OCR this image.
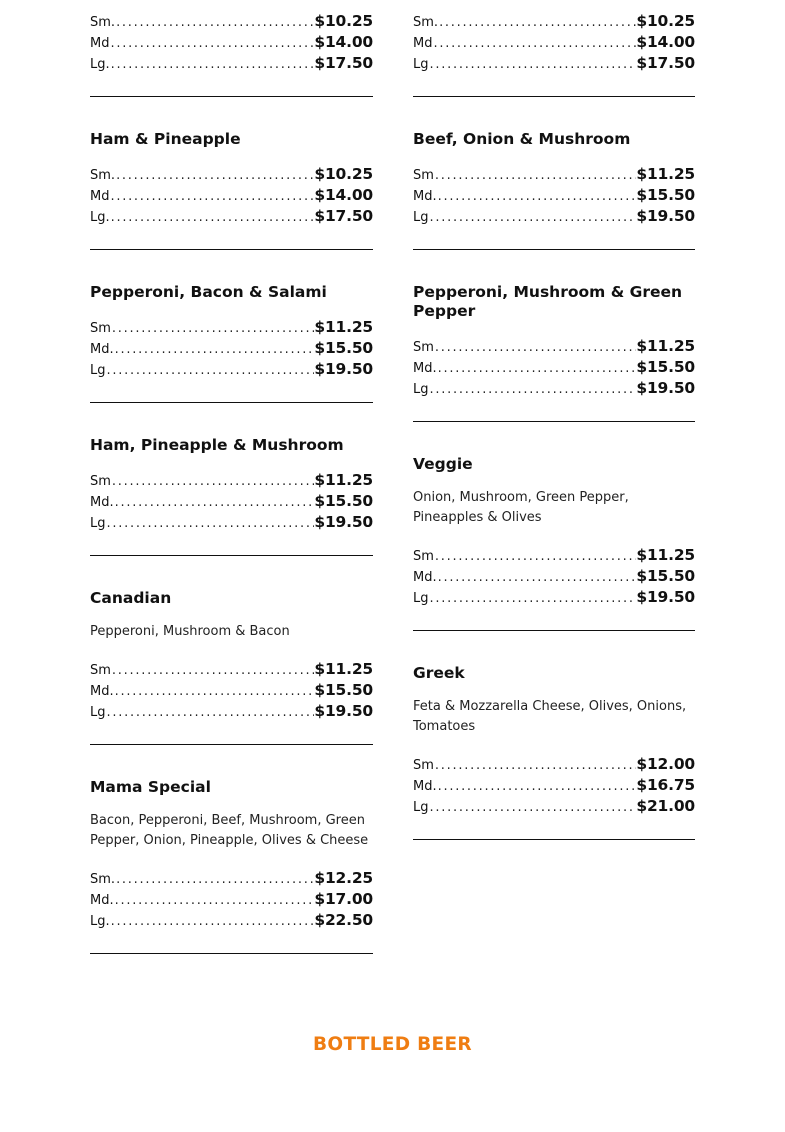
Sm. . . .	$10.25
Md . . .	$14.00
Lg. . . .	$17.50
Ham & Pineapple
Sm. . . .	$10.25
Md . . .	$14.00
Lg. . . .	$17.50
Pepperoni, Bacon & Salami
Sm . . .	$11.25
Md. . . .	$15.50
Lg . . .	$19.50
Ham, Pineapple & Mushroom
Sm . . .	$11.25
Md. . . .	$15.50
Lg . . .	$19.50
Canadian
Pepperoni, Mushroom & Bacon
Sm . . .	$11.25
Md. . . .	$15.50
Lg . . .	$19.50
Mama Special
Bacon, Pepperoni, Beef, Mushroom, Green Pepper, Onion, Pineapple, Olives & Cheese
Sm. . . .	$12.25
Md. . . .	$17.00
Lg. . . .	$22.50
Sm. . . .	$10.25
Md . . .	$14.00
Lg . . .	$17.50
Beef, Onion & Mushroom
Sm . . .	$11.25
Md. . . .	$15.50
Lg . . .	$19.50
Pepperoni, Mushroom & Green Pepper
Sm . . .	$11.25
Md. . . .	$15.50
Lg . . .	$19.50
Veggie
Onion, Mushroom, Green Pepper, Pineapples & Olives
Sm . . .	$11.25
Md. . . .	$15.50
Lg . . .	$19.50
Greek
Feta & Mozzarella Cheese, Olives, Onions, Tomatoes
Sm . . .	$12.00
Md. . . .	$16.75
Lg . . .	$21.00
BOTTLED BEER
